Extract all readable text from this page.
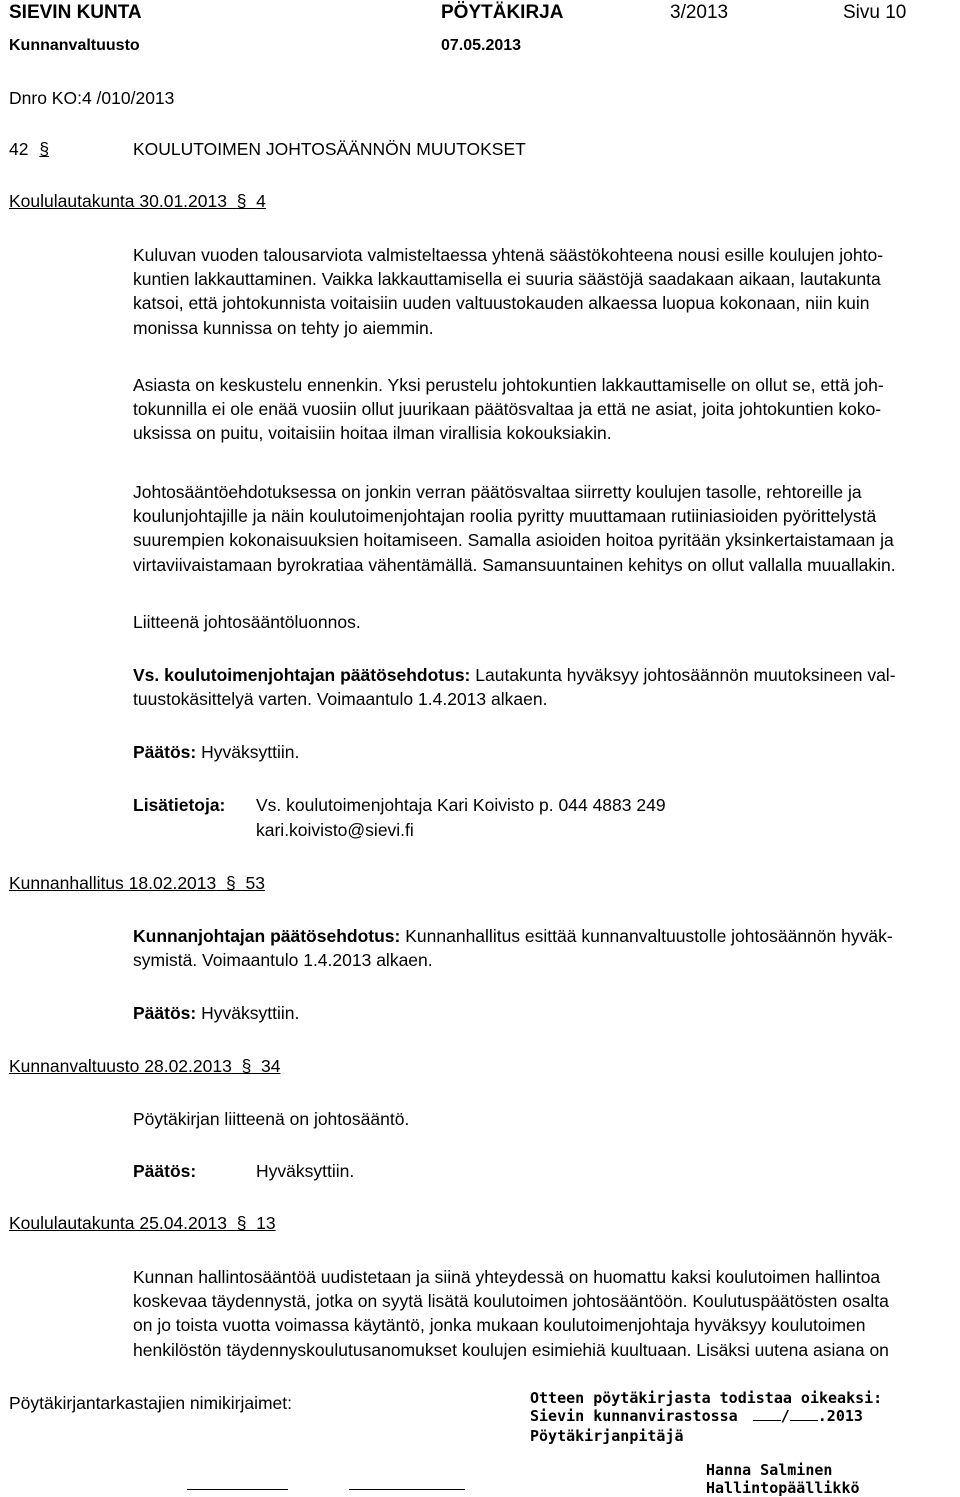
SIEVIN KUNTA	PÖYTÄKIRJA	3/2013	Sivu 10
Kunnanvaltuusto	07.05.2013
Dnro KO:4 /010/2013
42 §	KOULUTOIMEN JOHTOSÄÄNNÖN MUUTOKSET
Koululautakunta 30.01.2013 § 4
Kuluvan vuoden talousarviota valmisteltaessa yhtenä säästökohteena nousi esille koulujen johto-
kuntien lakkauttaminen. Vaikka lakkauttamisella ei suuria säästöjä saadakaan aikaan, lautakunta
katsoi, että johtokunnista voitaisiin uuden valtuustokauden alkaessa luopua kokonaan, niin kuin
monissa kunnissa on tehty jo aiemmin.
Asiasta on keskustelu ennenkin. Yksi perustelu johtokuntien lakkauttamiselle on ollut se, että joh-
tokunnilla ei ole enää vuosiin ollut juurikaan päätösvaltaa ja että ne asiat, joita johtokuntien koko-
uksissa on puitu, voitaisiin hoitaa ilman virallisia kokouksiakin.
Johtosääntöehdotuksessa on jonkin verran päätösvaltaa siirretty koulujen tasolle, rehtoreille ja
koulunjohtajille ja näin koulutoimenjohtajan roolia pyritty muuttamaan rutiiniasioiden pyörittelystä
suurempien kokonaisuuksien hoitamiseen. Samalla asioiden hoitoa pyritään yksinkertaistamaan ja
virtaviivaistamaan byrokratiaa vähentämällä. Samansuuntainen kehitys on ollut vallalla muuallakin.
Liitteenä johtosääntöluonnos.
Vs. koulutoimenjohtajan päätösehdotus: Lautakunta hyväksyy johtosäännön muutoksineen val-
tuustokäsittelyä varten. Voimaantulo 1.4.2013 alkaen.
Päätös: Hyväksyttiin.
Lisätietoja: Vs. koulutoimenjohtaja Kari Koivisto p. 044 4883 249
kari.koivisto@sievi.fi
Kunnanhallitus 18.02.2013 § 53
Kunnanjohtajan päätösehdotus: Kunnanhallitus esittää kunnanvaltuustolle johtosäännön hyväk-
symistä. Voimaantulo 1.4.2013 alkaen.
Päätös: Hyväksyttiin.
Kunnanvaltuusto 28.02.2013 § 34
Pöytäkirjan liitteenä on johtosääntö.
Päätös:	Hyväksyttiin.
Koululautakunta 25.04.2013 § 13
Kunnan hallintosääntöä uudistetaan ja siinä yhteydessä on huomattu kaksi koulutoimen hallintoa
koskevaa täydennystä, jotka on syytä lisätä koulutoimen johtosääntöön. Koulutuspäätösten osalta
on jo toista vuotta voimassa käytäntö, jonka mukaan koulutoimenjohtaja hyväksyy koulutoimen
henkilöstön täydennyskoulutusanomukset koulujen esimiehiä kuultuaan. Lisäksi uutena asiana on
Pöytäkirjantarkastajien nimikirjaimet:	Otteen pöytäkirjasta todistaa oikeaksi:
Sievin kunnanvirastossa	/ .2013
Pöytäkirjanpitäjä
Hanna Salminen
Hallintopäällikkö
